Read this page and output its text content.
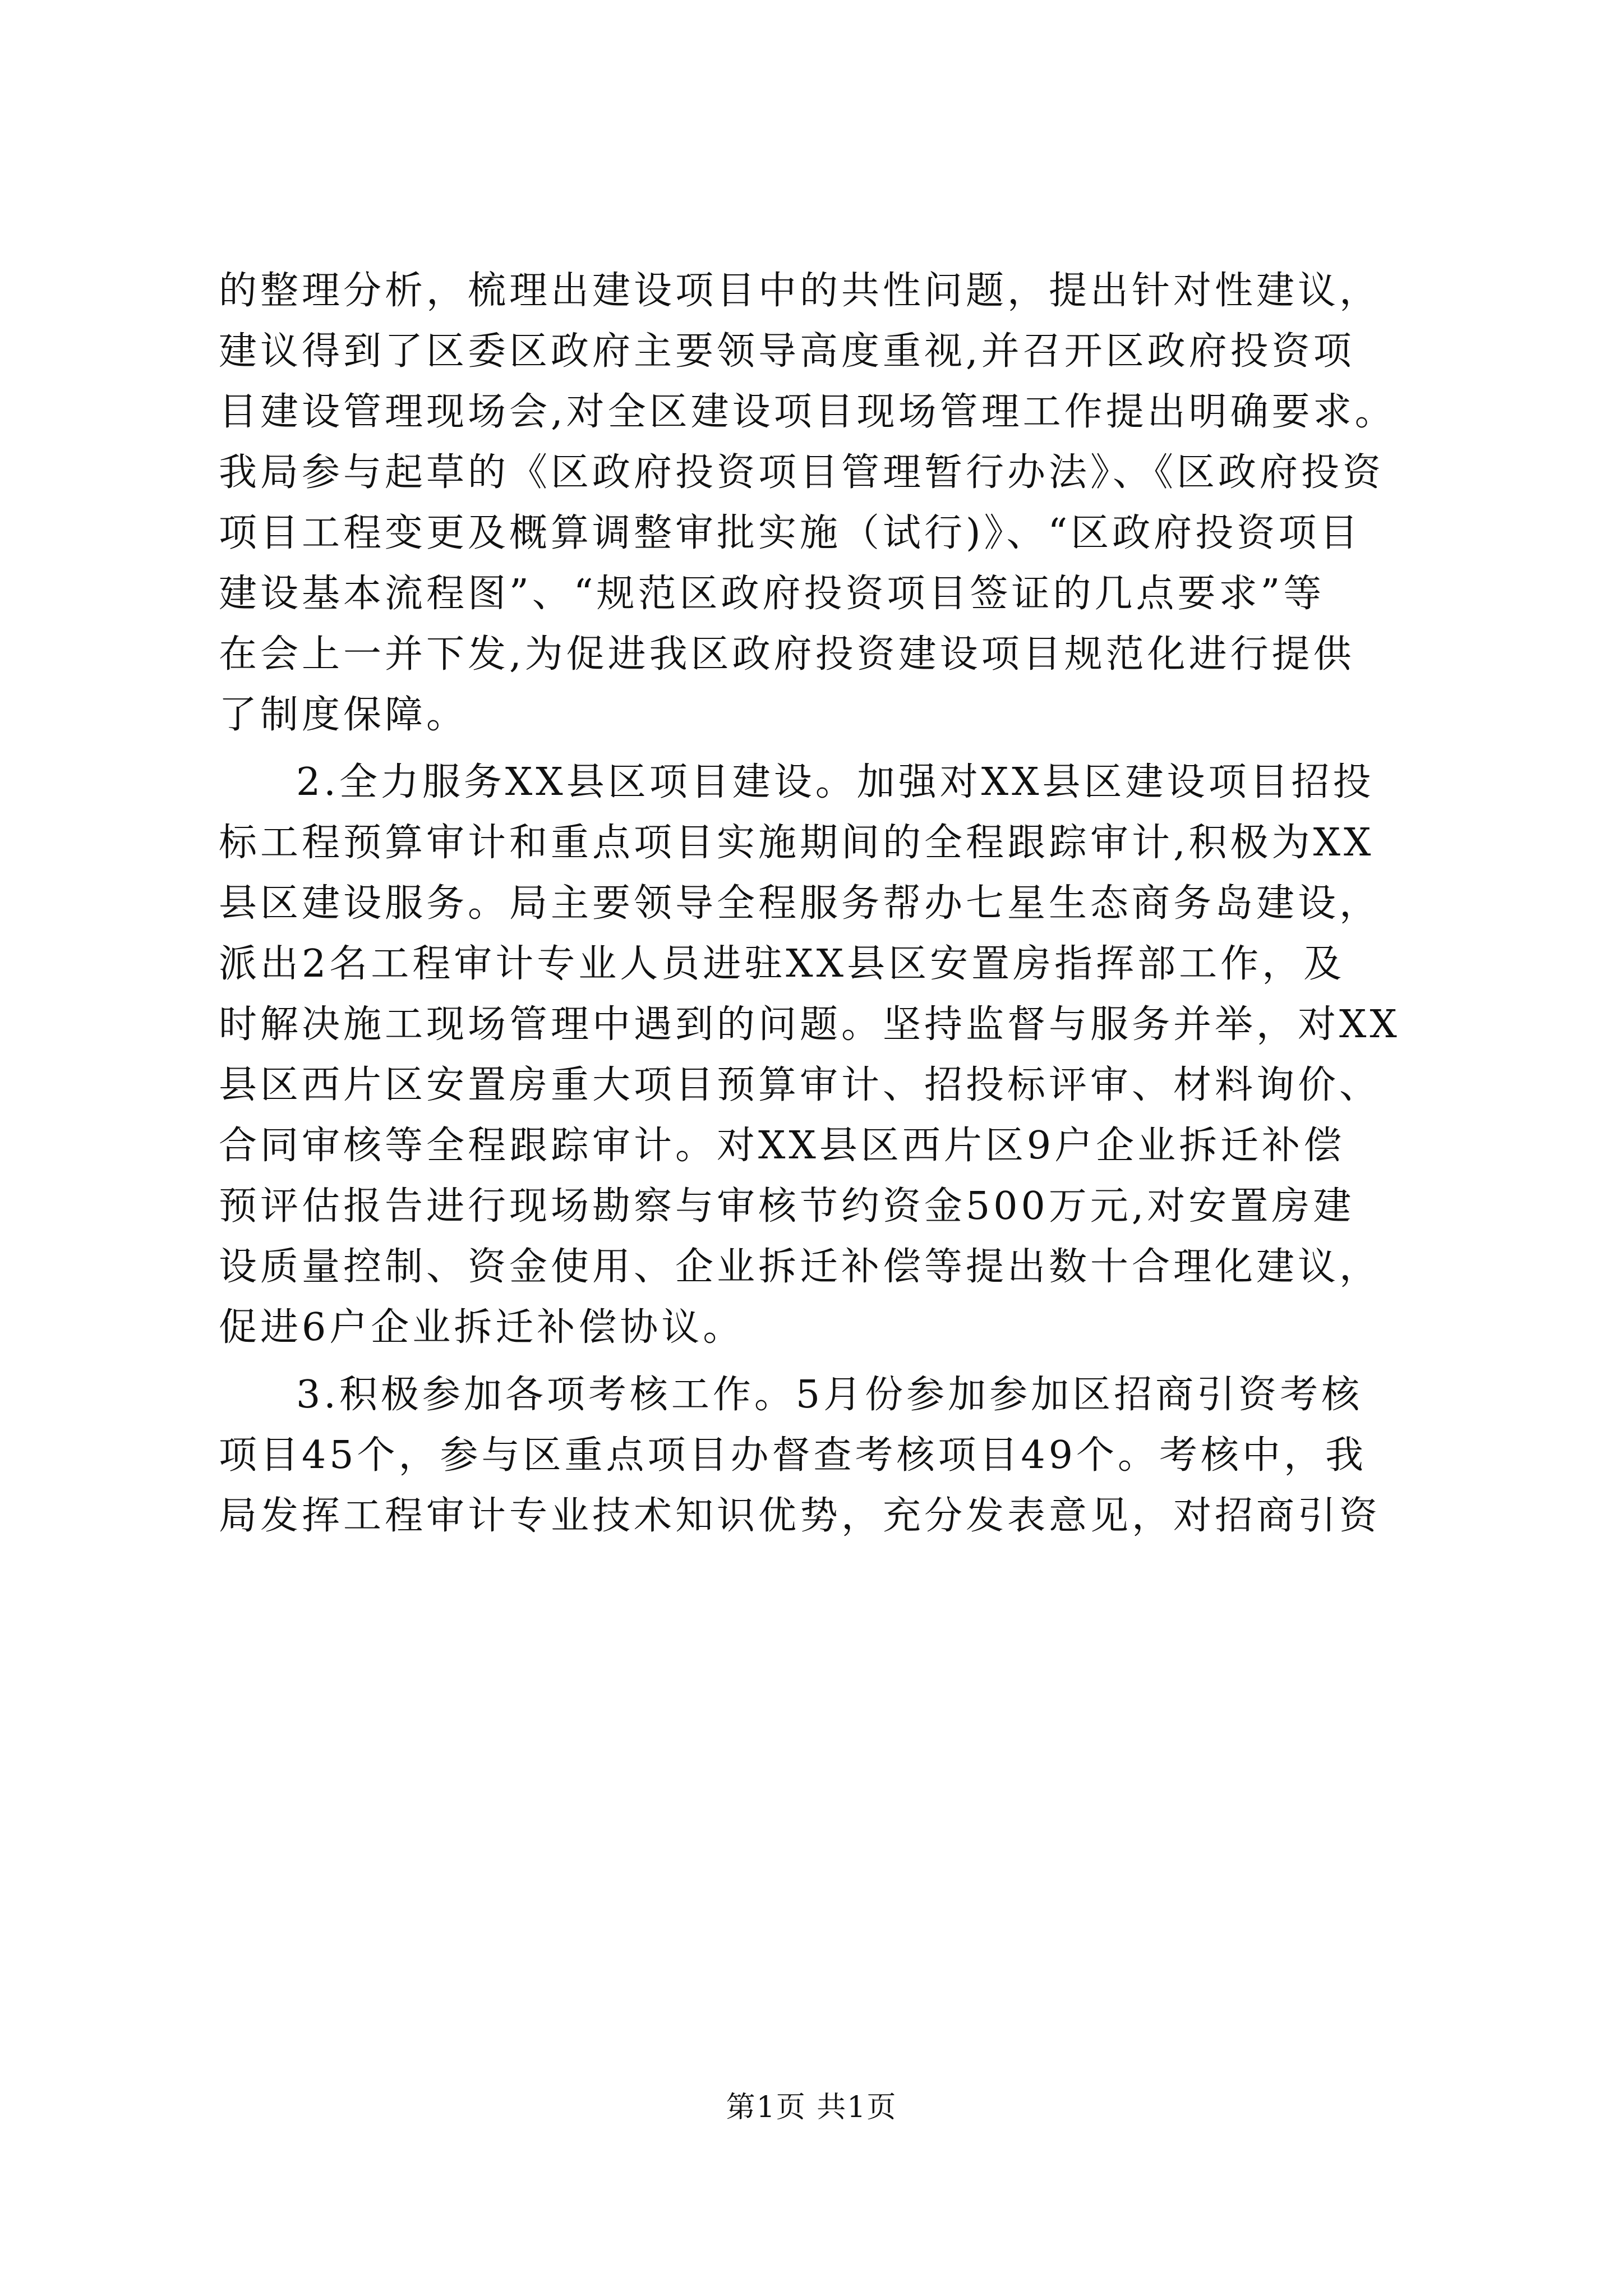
的整理分析，梳理出建设项目中的共性问题，提出针对性建议，
建议得到了区委区政府主要领导高度重视,并召开区政府投资项
目建设管理现场会,对全区建设项目现场管理工作提出明确要求。
我局参与起草的《区政府投资项目管理暂行办法》、《区政府投资
项目工程变更及概算调整审批实施（试行)》、“区政府投资项目
建设基本流程图”、“规范区政府投资项目签证的几点要求”等
在会上一并下发,为促进我区政府投资建设项目规范化进行提供
了制度保障。
2.全力服务XX县区项目建设。加强对XX县区建设项目招投
标工程预算审计和重点项目实施期间的全程跟踪审计,积极为XX
县区建设服务。局主要领导全程服务帮办七星生态商务岛建设，
派出2名工程审计专业人员进驻XX县区安置房指挥部工作，及
时解决施工现场管理中遇到的问题。坚持监督与服务并举，对XX
县区西片区安置房重大项目预算审计、招投标评审、材料询价、
合同审核等全程跟踪审计。对XX县区西片区9户企业拆迁补偿
预评估报告进行现场勘察与审核节约资金500万元,对安置房建
设质量控制、资金使用、企业拆迁补偿等提出数十合理化建议，
促进6户企业拆迁补偿协议。
3.积极参加各项考核工作。5月份参加参加区招商引资考核
项目45个，参与区重点项目办督查考核项目49个。考核中，我
局发挥工程审计专业技术知识优势，充分发表意见，对招商引资
第1页 共1页
